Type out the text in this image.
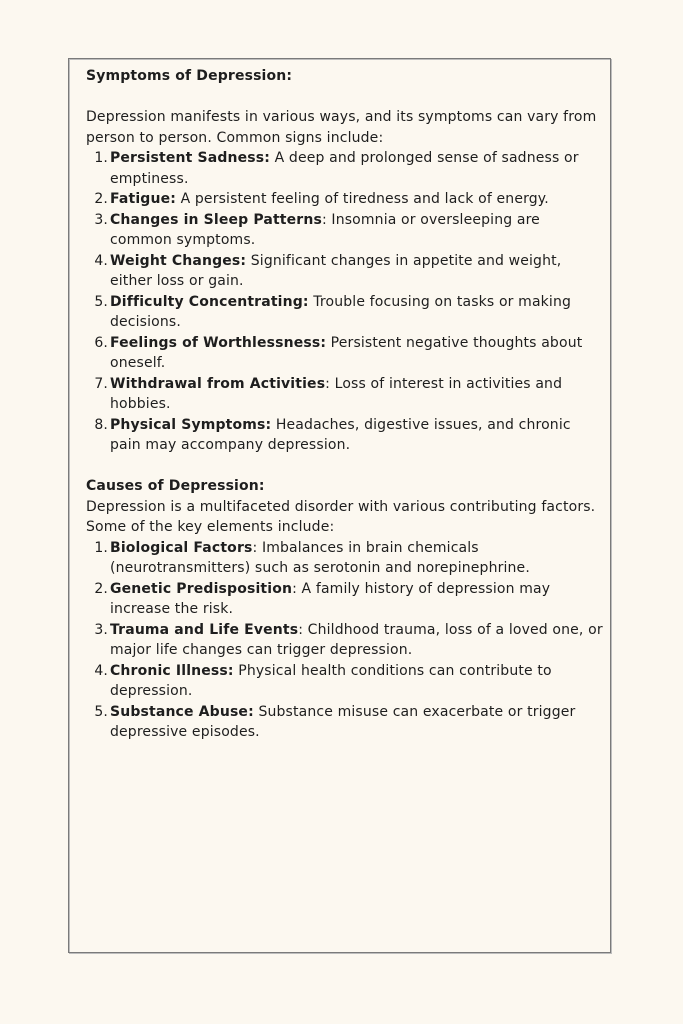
Symptoms of Depression:

Depression manifests in various ways, and its symptoms can vary from person to person. Common signs include:

1. Persistent Sadness: A deep and prolonged sense of sadness or emptiness.
2. Fatigue: A persistent feeling of tiredness and lack of energy.
3. Changes in Sleep Patterns: Insomnia or oversleeping are common symptoms.
4. Weight Changes: Significant changes in appetite and weight, either loss or gain.
5. Difficulty Concentrating: Trouble focusing on tasks or making decisions.
6. Feelings of Worthlessness: Persistent negative thoughts about oneself.
7. Withdrawal from Activities: Loss of interest in activities and hobbies.
8. Physical Symptoms: Headaches, digestive issues, and chronic pain may accompany depression.

Causes of Depression:

Depression is a multifaceted disorder with various contributing factors. Some of the key elements include:

1. Biological Factors: Imbalances in brain chemicals (neurotransmitters) such as serotonin and norepinephrine.
2. Genetic Predisposition: A family history of depression may increase the risk.
3. Trauma and Life Events: Childhood trauma, loss of a loved one, or major life changes can trigger depression.
4. Chronic Illness: Physical health conditions can contribute to depression.
5. Substance Abuse: Substance misuse can exacerbate or trigger depressive episodes.
